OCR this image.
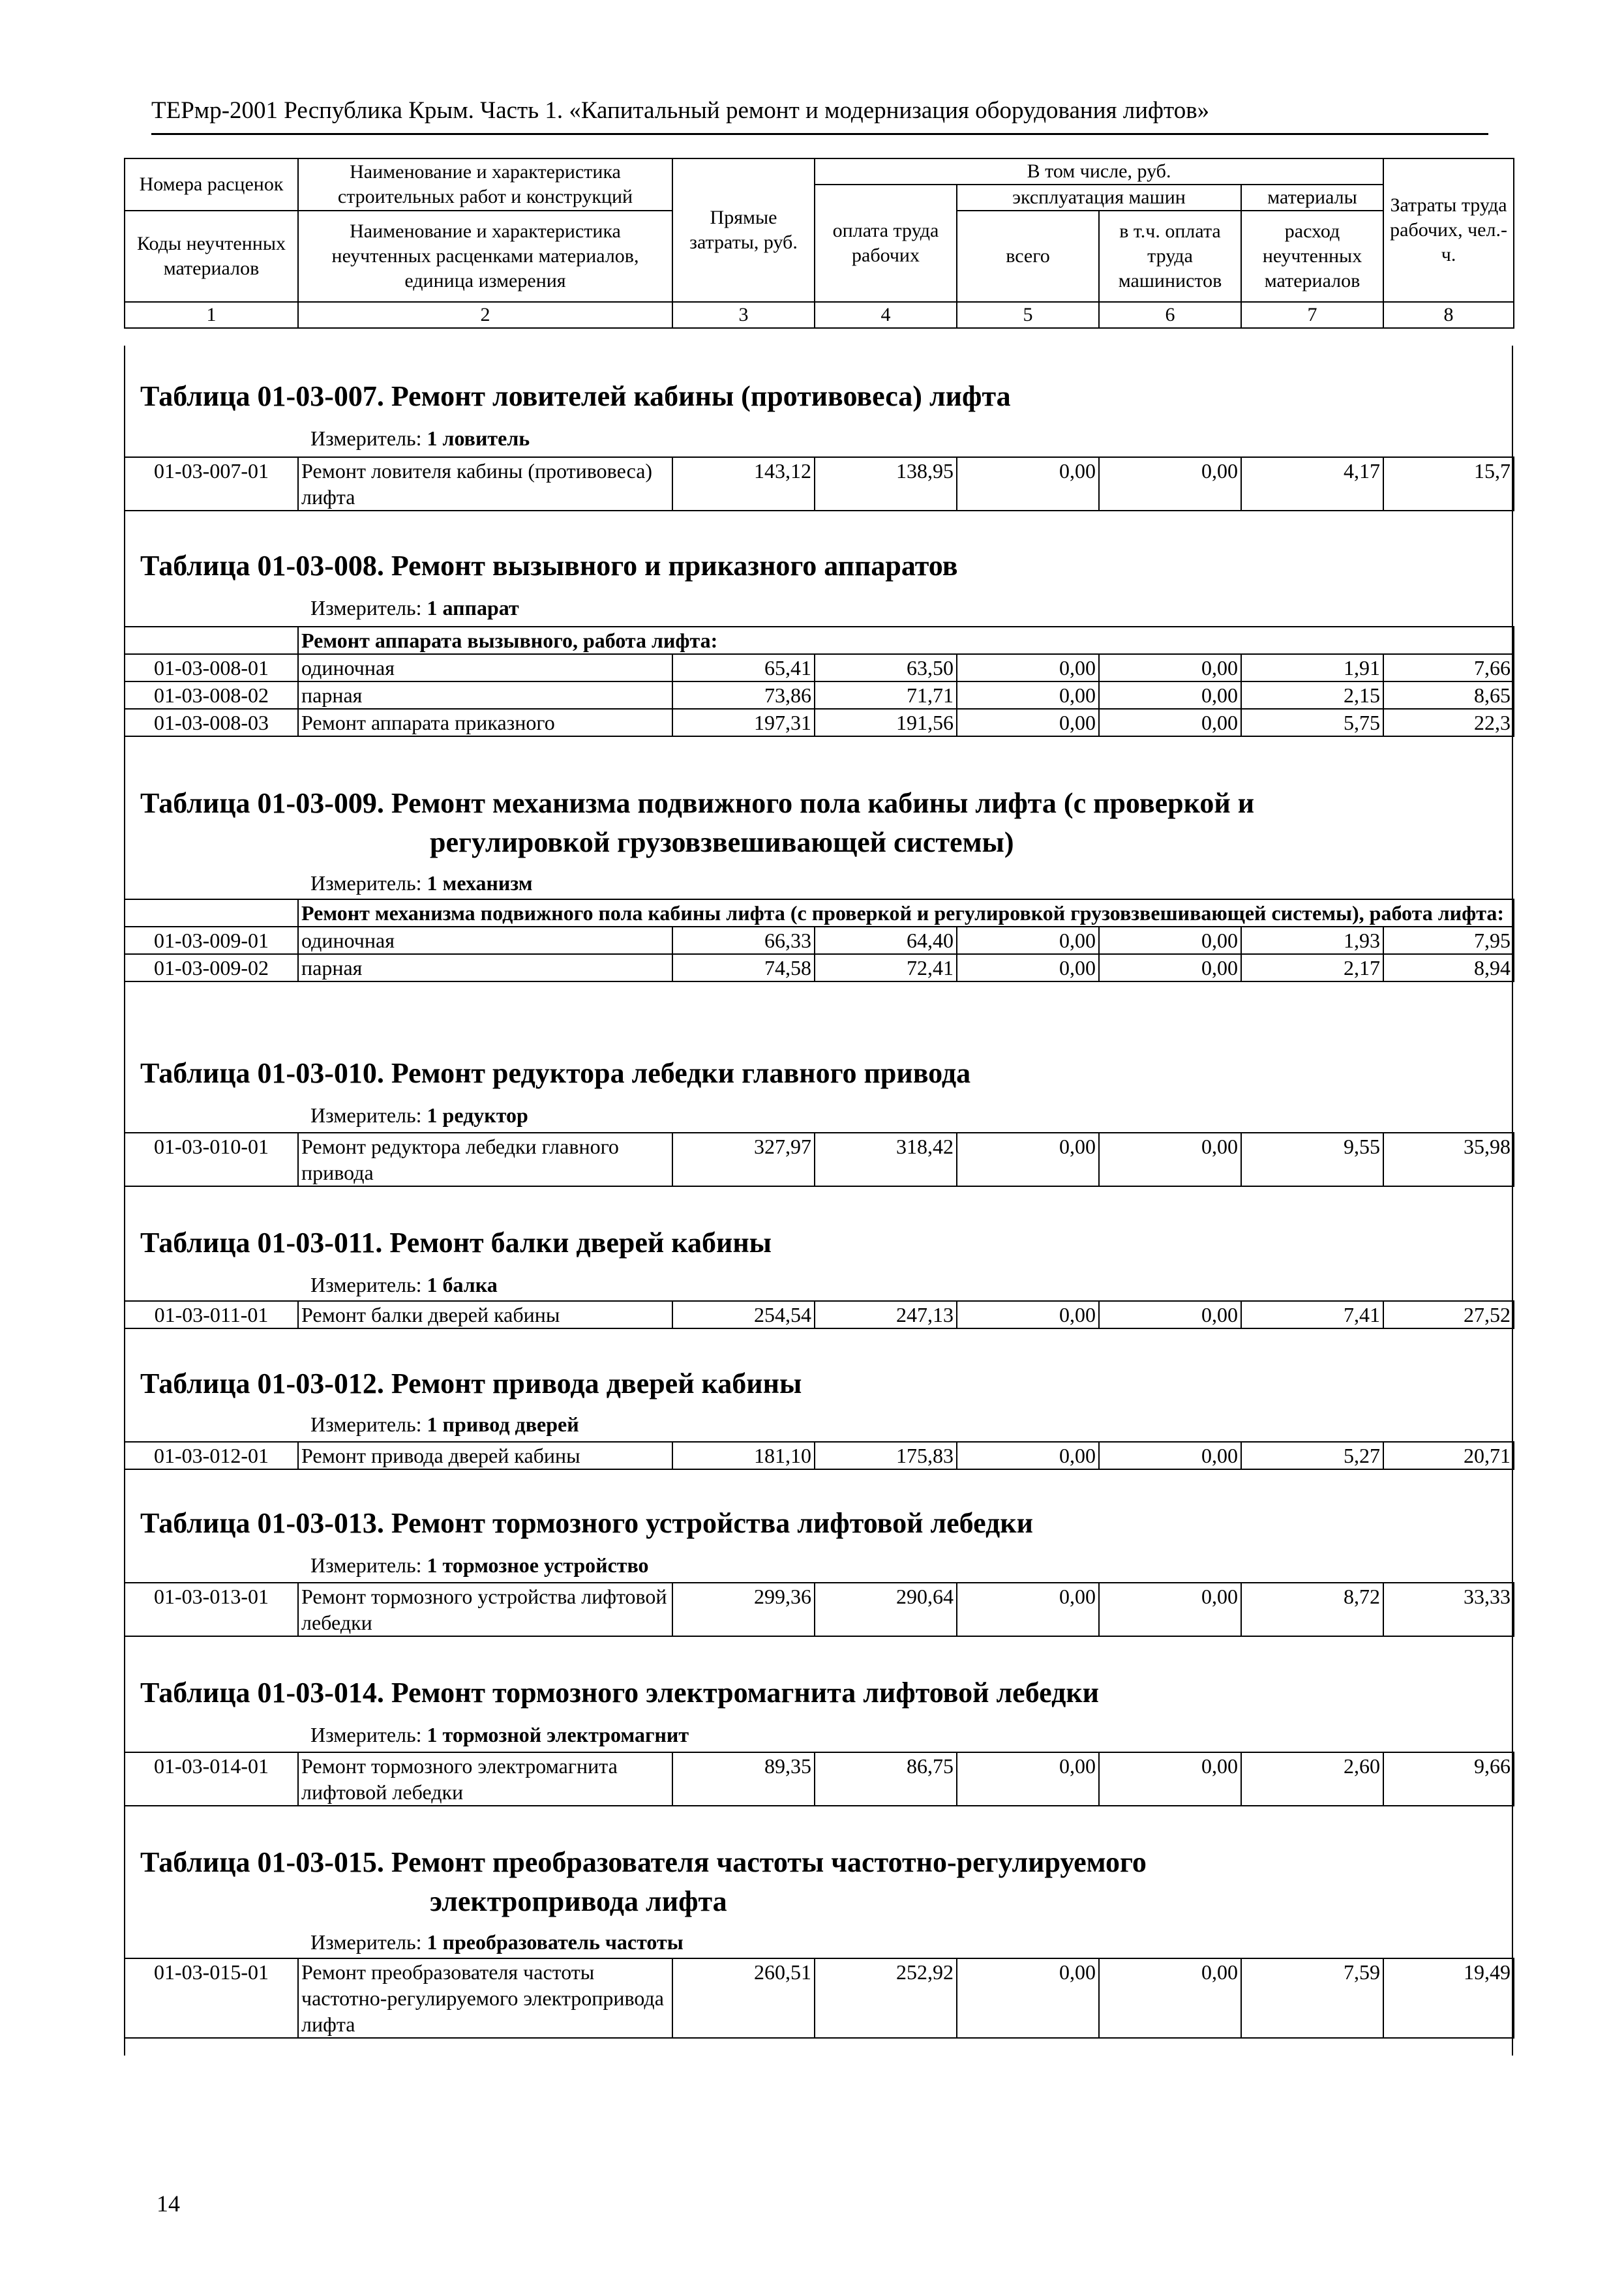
ТЕРмр-2001 Республика Крым. Часть 1. «Капитальный ремонт и модернизация оборудования лифтов»
Номера расценок	Наименование и характеристика строительных работ и конструкций	Прямые затраты, руб.	В том числе, руб.				Затраты труда рабочих, чел.-ч.
			оплата труда рабочих	эксплуатация машин		материалы	
Коды неучтенных материалов	Наименование и характеристика неучтенных расценками материалов, единица измерения			всего	в т.ч. оплата труда машинистов	расход неучтенных материалов	

1	2	3	4	5	6	7	8
Таблица 01-03-007. Ремонт ловителей кабины (противовеса) лифта
Измеритель: 1 ловитель
01-03-007-01	Ремонт ловителя кабины (противовеса) лифта	143,12	138,95	0,00	0,00	4,17	15,7
Таблица 01-03-008. Ремонт вызывного и приказного аппаратов
Измеритель: 1 аппарат
	Ремонт аппарата вызывного, работа лифта:						
01-03-008-01	одиночная	65,41	63,50	0,00	0,00	1,91	7,66
01-03-008-02	парная	73,86	71,71	0,00	0,00	2,15	8,65
01-03-008-03	Ремонт аппарата приказного	197,31	191,56	0,00	0,00	5,75	22,3
Таблица 01-03-009. Ремонт механизма подвижного пола кабины лифта (с проверкой и
регулировкой грузовзвешивающей системы)
Измеритель: 1 механизм
	Ремонт механизма подвижного пола кабины лифта (с проверкой и регулировкой грузовзвешивающей системы), работа лифта:						
01-03-009-01	одиночная	66,33	64,40	0,00	0,00	1,93	7,95
01-03-009-02	парная	74,58	72,41	0,00	0,00	2,17	8,94
Таблица 01-03-010. Ремонт редуктора лебедки главного привода
Измеритель: 1 редуктор
01-03-010-01	Ремонт редуктора лебедки главного привода	327,97	318,42	0,00	0,00	9,55	35,98
Таблица 01-03-011. Ремонт балки дверей кабины
Измеритель: 1 балка
01-03-011-01	Ремонт балки дверей кабины	254,54	247,13	0,00	0,00	7,41	27,52
Таблица 01-03-012. Ремонт привода дверей кабины
Измеритель: 1 привод дверей
01-03-012-01	Ремонт привода дверей кабины	181,10	175,83	0,00	0,00	5,27	20,71
Таблица 01-03-013. Ремонт тормозного устройства лифтовой лебедки
Измеритель: 1 тормозное устройство
01-03-013-01	Ремонт тормозного устройства лифтовой лебедки	299,36	290,64	0,00	0,00	8,72	33,33
Таблица 01-03-014. Ремонт тормозного электромагнита лифтовой лебедки
Измеритель: 1 тормозной электромагнит
01-03-014-01	Ремонт тормозного электромагнита лифтовой лебедки	89,35	86,75	0,00	0,00	2,60	9,66
Таблица 01-03-015. Ремонт преобразователя частоты частотно-регулируемого
электропривода лифта
Измеритель: 1 преобразователь частоты
01-03-015-01	Ремонт преобразователя частоты частотно-регулируемого электропривода лифта	260,51	252,92	0,00	0,00	7,59	19,49
14
